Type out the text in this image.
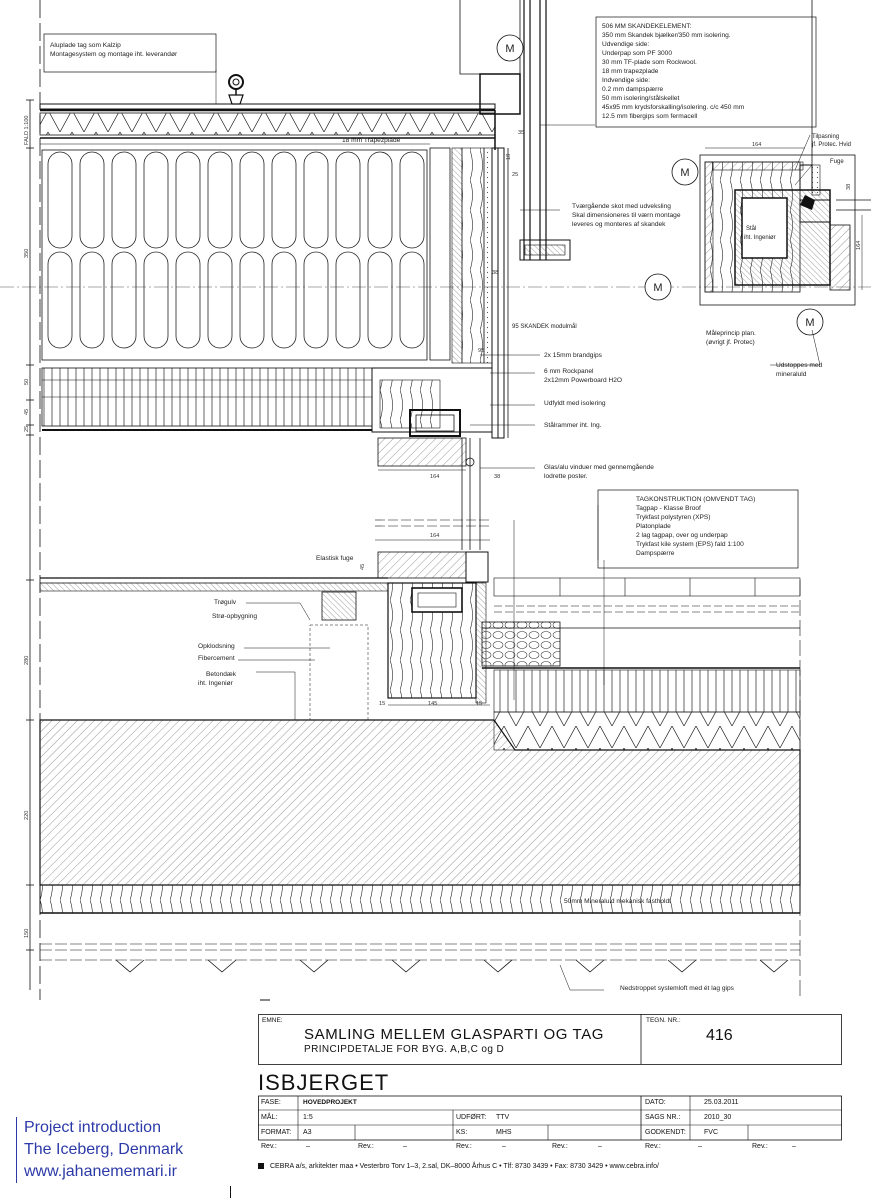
FALD 1:100
350
50
45
25
280
220
150
164
164
38
Stål
iht. Ingeniør
M
M
M
M
Aluplade tag som Kalzip
Montagesystem og montage iht. leverandør
18 mm Trapezplade
506 MM SKANDEKELEMENT:
350 mm Skandek bjælker/350 mm isolering.
Udvendige side:
Underpap som PF 3000
30 mm TF-plade som Rockwool.
18 mm trapezplade
Indvendige side:
0.2 mm dampspærre
50 mm isolering/stålskellet
45x95 mm krydsforskalling/isolering. c/c 450 mm
12.5 mm fibergips som fermacell
Tværgående skot med udveksling
Skal dimensioneres til værn montage
leveres og monteres af skandek
95 SKANDEK modulmål
2x 15mm brandgips
6 mm Rockpanel
2x12mm Powerboard H2O
Udfyldt med isolering
Stålrammer iht. Ing.
Glas/alu vinduer med gennemgående
lodrette poster.
Tilpasning
jf. Protec. Hvid
Fuge
Måleprincip plan.
(øvrigt jf. Protec)
Udstoppes med
mineraluld
18
35
25
38
95
164	38
164
Elastisk fuge
45
Trøgulv
Strø-opbygning
Opklodsning
Fibercement
Betondæk
iht. Ingeniør
15	145	15
TAGKONSTRUKTION (OMVENDT TAG)
Tagpap - Klasse Broof
Trykfast polystyren (XPS)
Platonplade
2 lag tagpap, over og underpap
Trykfast kile system (EPS) fald 1:100
Dampspærre
50mm Mineraluld mekanisk fastholdt
Nedstroppet systemloft med ét lag gips
EMNE:
SAMLING MELLEM GLASPARTI OG TAG
PRINCIPDETALJE FOR BYG. A,B,C og D
TEGN. NR.:
416
ISBJERGET
FASE:	HOVEDPROJEKT	DATO:	25.03.2011
MÅL:	1:5	UDFØRT: TTV	SAGS NR.:	2010_30
FORMAT: A3	KS:	MHS	GODKENDT:	FVC
Rev.:	–	Rev.:	–	Rev.:	–	Rev.:	–	Rev.:	–	Rev.:	–
CEBRA a/s, arkitekter maa • Vesterbro Torv 1–3, 2.sal, DK–8000 Århus C • Tlf: 8730 3439 • Fax: 8730 3429 • www.cebra.info/
Project introduction
The Iceberg, Denmark
www.jahanememari.ir
